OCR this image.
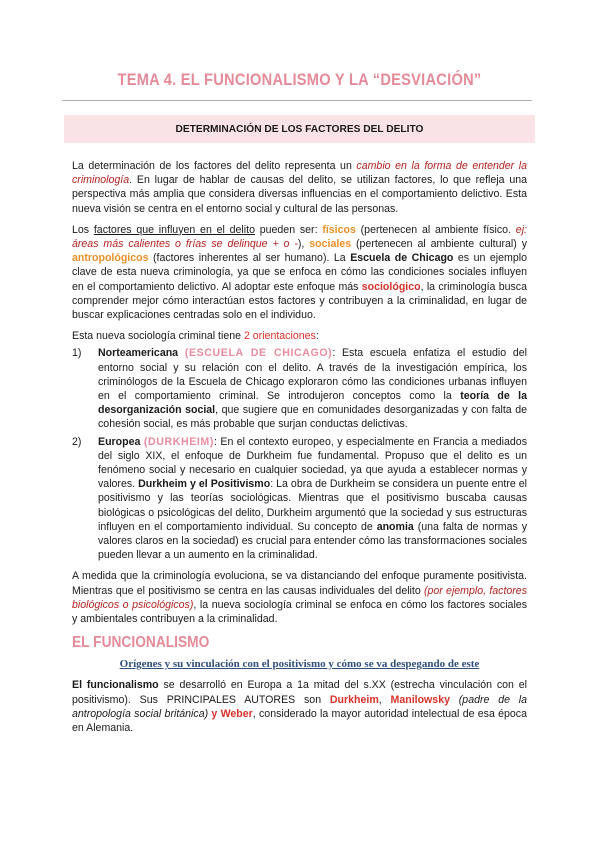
TEMA 4. EL FUNCIONALISMO Y LA “DESVIACIÓN”
DETERMINACIÓN DE LOS FACTORES DEL DELITO

La determinación de los factores del delito representa un cambio en la forma de entender la criminología. En lugar de hablar de causas del delito, se utilizan factores, lo que refleja una perspectiva más amplia que considera diversas influencias en el comportamiento delictivo. Esta nueva visión se centra en el entorno social y cultural de las personas.

Los factores que influyen en el delito pueden ser: físicos (pertenecen al ambiente físico. ej: áreas más calientes o frías se delinque + o -), sociales (pertenecen al ambiente cultural) y antropológicos (factores inherentes al ser humano). La Escuela de Chicago es un ejemplo clave de esta nueva criminología, ya que se enfoca en cómo las condiciones sociales influyen en el comportamiento delictivo. Al adoptar este enfoque más sociológico, la criminología busca comprender mejor cómo interactúan estos factores y contribuyen a la criminalidad, en lugar de buscar explicaciones centradas solo en el individuo.

Esta nueva sociología criminal tiene 2 orientaciones:

1) Norteamericana (ESCUELA DE CHICAGO): Esta escuela enfatiza el estudio del entorno social y su relación con el delito. A través de la investigación empírica, los criminólogos de la Escuela de Chicago exploraron cómo las condiciones urbanas influyen en el comportamiento criminal. Se introdujeron conceptos como la teoría de la desorganización social, que sugiere que en comunidades desorganizadas y con falta de cohesión social, es más probable que surjan conductas delictivas.
2) Europea (DURKHEIM): En el contexto europeo, y especialmente en Francia a mediados del siglo XIX, el enfoque de Durkheim fue fundamental. Propuso que el delito es un fenómeno social y necesario en cualquier sociedad, ya que ayuda a establecer normas y valores. Durkheim y el Positivismo: La obra de Durkheim se considera un puente entre el positivismo y las teorías sociológicas. Mientras que el positivismo buscaba causas biológicas o psicológicas del delito, Durkheim argumentó que la sociedad y sus estructuras influyen en el comportamiento individual. Su concepto de anomia (una falta de normas y valores claros en la sociedad) es crucial para entender cómo las transformaciones sociales pueden llevar a un aumento en la criminalidad.

A medida que la criminología evoluciona, se va distanciando del enfoque puramente positivista. Mientras que el positivismo se centra en las causas individuales del delito (por ejemplo, factores biológicos o psicológicos), la nueva sociología criminal se enfoca en cómo los factores sociales y ambientales contribuyen a la criminalidad.

EL FUNCIONALISMO
Orígenes y su vinculación con el positivismo y cómo se va despegando de este

El funcionalismo se desarrolló en Europa a 1a mitad del s.XX (estrecha vinculación con el positivismo). Sus PRINCIPALES AUTORES son Durkheim, Manilowsky (padre de la antropología social británica) y Weber, considerado la mayor autoridad intelectual de esa época en Alemania.
